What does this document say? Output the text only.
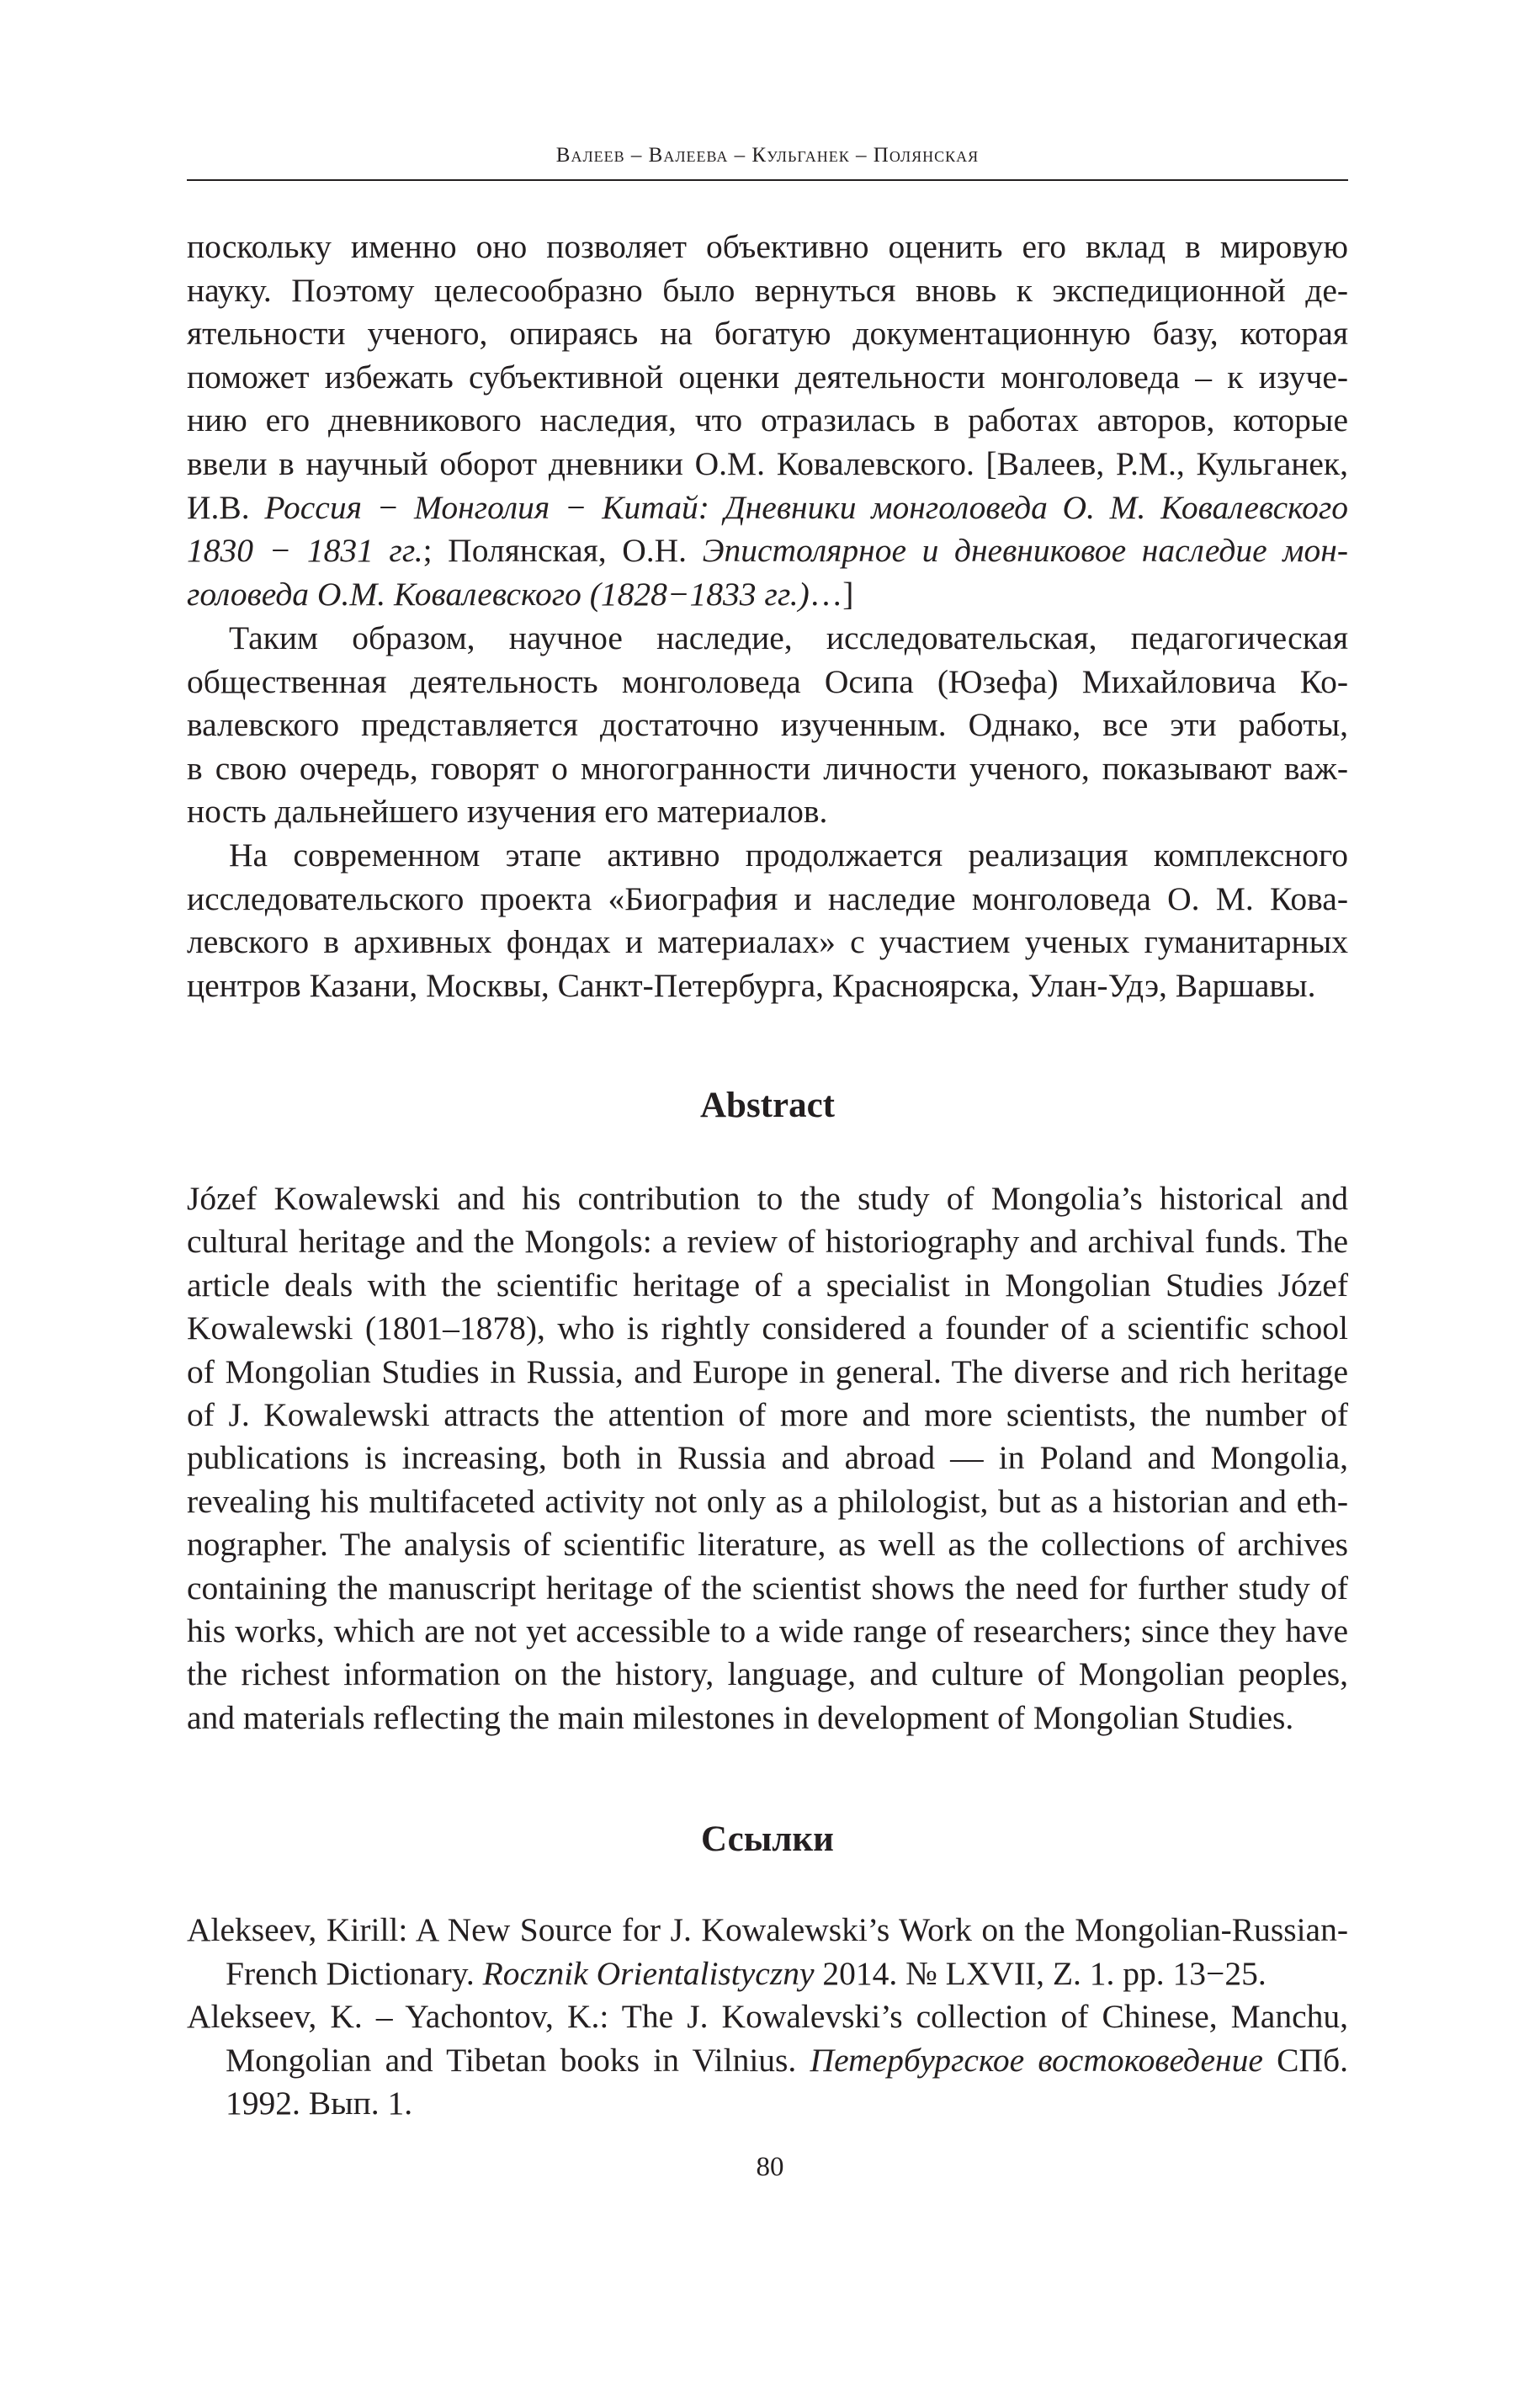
Валеев – Валеева – Кульганек – Полянская
поскольку именно оно позволяет объективно оценить его вклад в мировую
науку. Поэтому целесообразно было вернуться вновь к экспедиционной де-
ятельности ученого, опираясь на богатую документационную базу, которая
поможет избежать субъективной оценки деятельности монголоведа – к изуче-
нию его дневникового наследия, что отразилась в работах авторов, которые
ввели в научный оборот дневники О.М. Ковалевского. [Валеев, Р.М., Кульганек,
И.В. Россия − Монголия − Китай: Дневники монголоведа О. М. Ковалевского
1830 − 1831 гг.; Полянская, О.Н. Эпистолярное и дневниковое наследие мон-
головеда О.М. Ковалевского (1828−1833 гг.)…]
Таким образом, научное наследие, исследовательская, педагогическая
общественная деятельность монголоведа Осипа (Юзефа) Михайловича Ко-
валевского представляется достаточно изученным. Однако, все эти работы,
в свою очередь, говорят о многогранности личности ученого, показывают важ-
ность дальнейшего изучения его материалов.
На современном этапе активно продолжается реализация комплексного
исследовательского проекта «Биография и наследие монголоведа О. М. Кова-
левского в архивных фондах и материалах» с участием ученых гуманитарных
центров Казани, Москвы, Санкт-Петербурга, Красноярска, Улан-Удэ, Варшавы.
Abstract
Józef Kowalewski and his contribution to the study of Mongolia’s historical and
cultural heritage and the Mongols: a review of historiography and archival funds. The
article deals with the scientific heritage of a specialist in Mongolian Studies Józef
Kowalewski (1801–1878), who is rightly considered a founder of a scientific school
of Mongolian Studies in Russia, and Europe in general. The diverse and rich heritage
of J. Kowalewski attracts the attention of more and more scientists, the number of
publications is increasing, both in Russia and abroad — in Poland and Mongolia,
revealing his multifaceted activity not only as a philologist, but as a historian and eth-
nographer. The analysis of scientific literature, as well as the collections of archives
containing the manuscript heritage of the scientist shows the need for further study of
his works, which are not yet accessible to a wide range of researchers; since they have
the richest information on the history, language, and culture of Mongolian peoples,
and materials reflecting the main milestones in development of Mongolian Studies.
Ссылки
Alekseev, Kirill: A New Source for J. Kowalewski’s Work on the Mongolian-Russian-
French Dictionary. Rocznik Orientalistyczny 2014. № LXVII, Z. 1. pp. 13−25.
Alekseev, K. – Yachontov, K.: The J. Kowalevski’s collection of Chinese, Manchu,
Mongolian and Tibetan books in Vilnius. Петербургское востоковедение СПб.
1992. Вып. 1.
80
